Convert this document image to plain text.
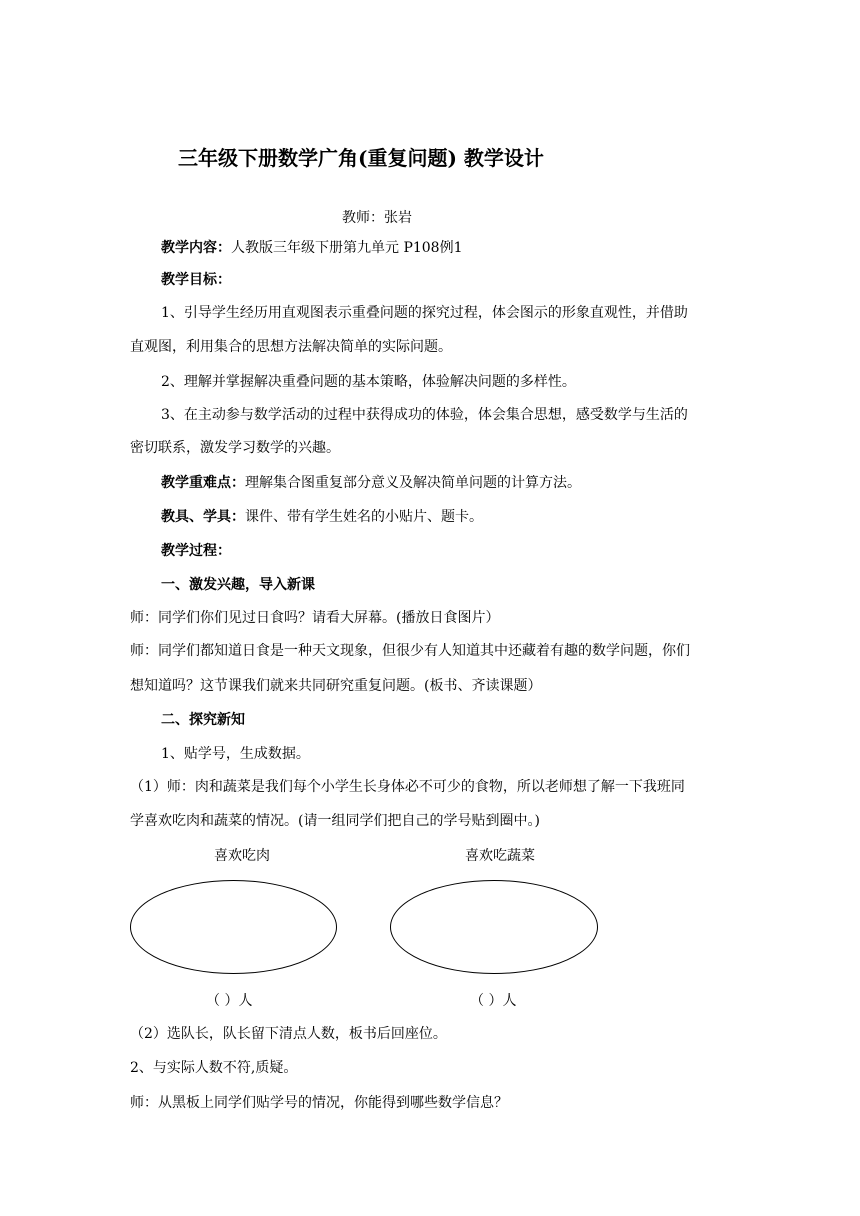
三年级下册数学广角(重复问题) 教学设计
教师：张岩
教学内容：人教版三年级下册第九单元 P108例1
教学目标：
1、引导学生经历用直观图表示重叠问题的探究过程，体会图示的形象直观性，并借助
直观图，利用集合的思想方法解决简单的实际问题。
2、理解并掌握解决重叠问题的基本策略，体验解决问题的多样性。
3、在主动参与数学活动的过程中获得成功的体验，体会集合思想，感受数学与生活的
密切联系，激发学习数学的兴趣。
教学重难点：理解集合图重复部分意义及解决简单问题的计算方法。
教具、学具：课件、带有学生姓名的小贴片、题卡。
教学过程：
一、激发兴趣，导入新课
师：同学们你们见过日食吗？请看大屏幕。(播放日食图片）
师：同学们都知道日食是一种天文现象，但很少有人知道其中还藏着有趣的数学问题，你们
想知道吗？这节课我们就来共同研究重复问题。(板书、齐读课题）
二、探究新知
1、贴学号，生成数据。
（1）师：肉和蔬菜是我们每个小学生长身体必不可少的食物，所以老师想了解一下我班同
学喜欢吃肉和蔬菜的情况。(请一组同学们把自己的学号贴到圈中。)
喜欢吃肉	喜欢吃蔬菜
（ ）人	（ ）人
（2）选队长，队长留下清点人数，板书后回座位。
2、与实际人数不符,质疑。
师：从黑板上同学们贴学号的情况，你能得到哪些数学信息？
